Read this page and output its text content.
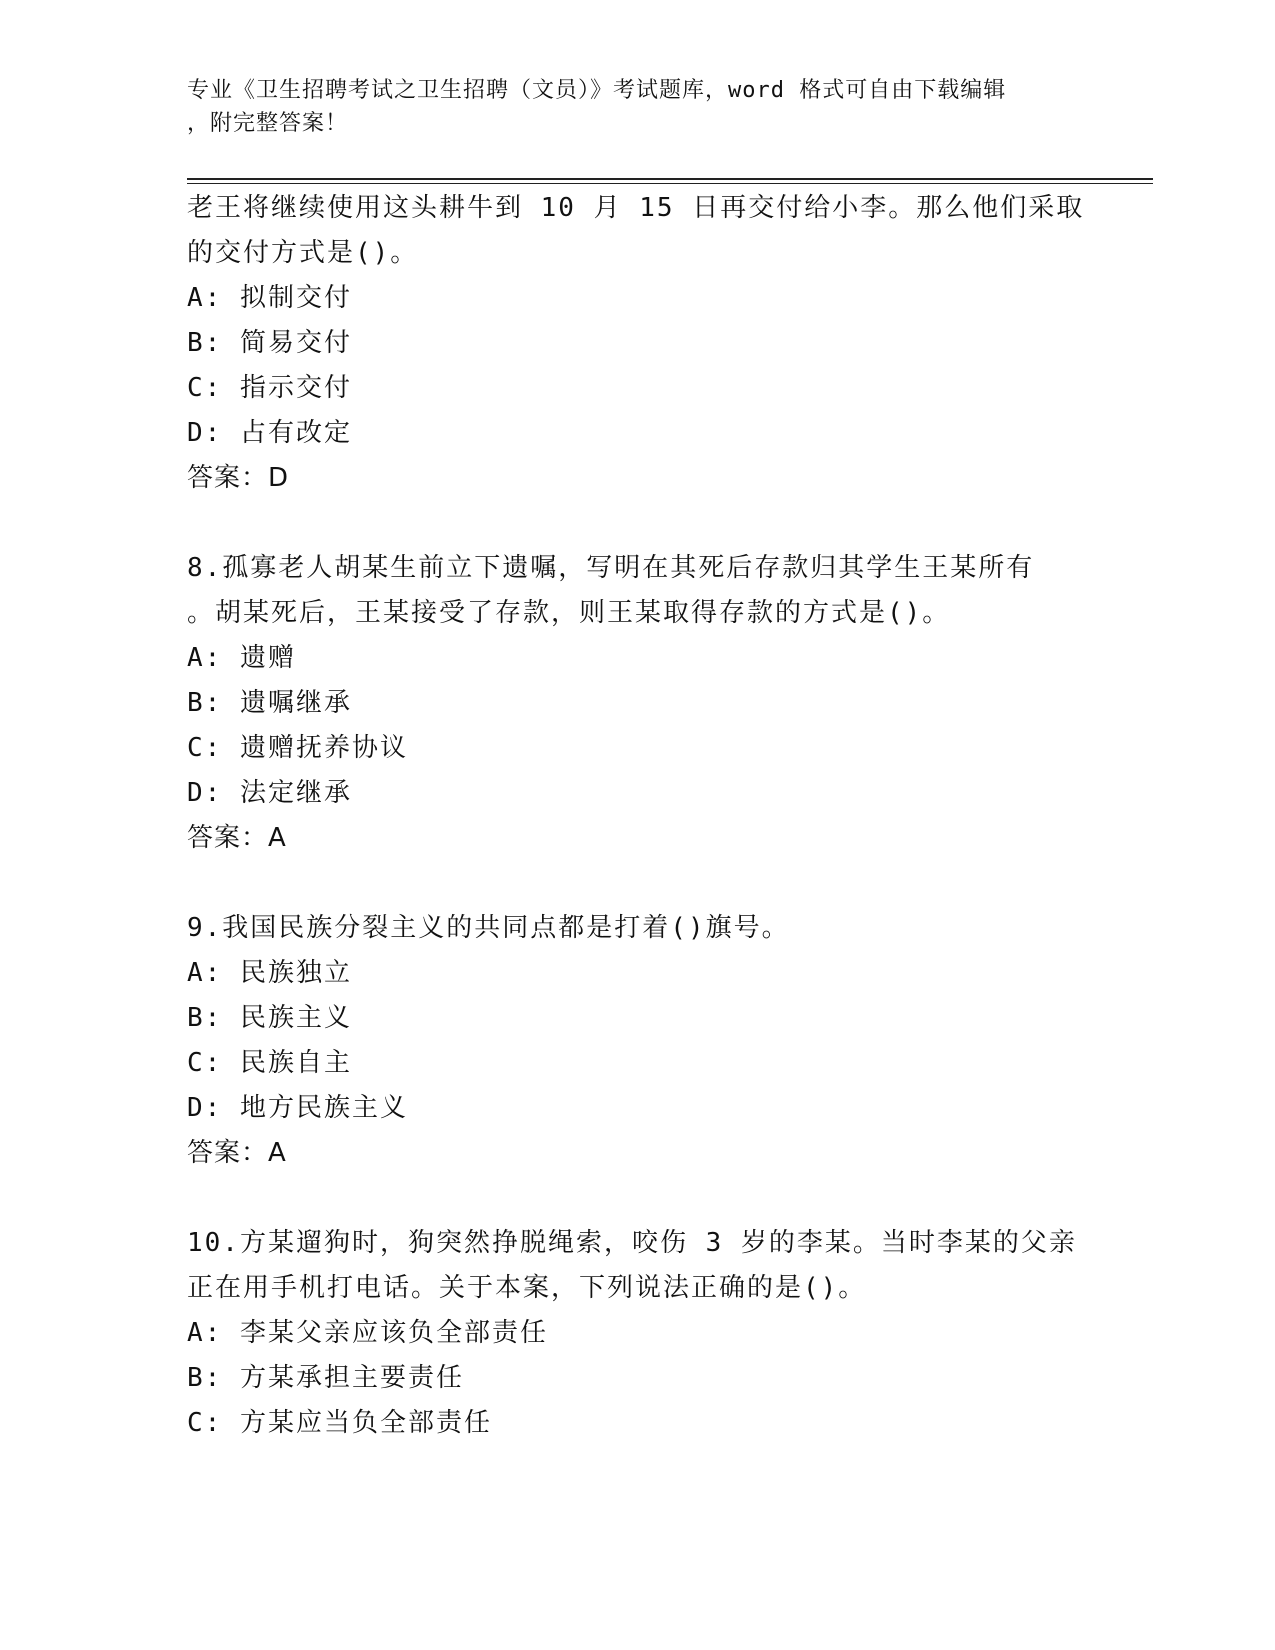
专业《卫生招聘考试之卫生招聘（文员）》考试题库，word 格式可自由下载编辑
，附完整答案！
老王将继续使用这头耕牛到 10 月 15 日再交付给小李。那么他们采取
的交付方式是()。
A: 拟制交付
B: 简易交付
C: 指示交付
D: 占有改定
答案：D
8.孤寡老人胡某生前立下遗嘱，写明在其死后存款归其学生王某所有
。胡某死后，王某接受了存款，则王某取得存款的方式是()。
A: 遗赠
B: 遗嘱继承
C: 遗赠抚养协议
D: 法定继承
答案：A
9.我国民族分裂主义的共同点都是打着()旗号。
A: 民族独立
B: 民族主义
C: 民族自主
D: 地方民族主义
答案：A
10.方某遛狗时，狗突然挣脱绳索，咬伤 3 岁的李某。当时李某的父亲
正在用手机打电话。关于本案，下列说法正确的是()。
A: 李某父亲应该负全部责任
B: 方某承担主要责任
C: 方某应当负全部责任
